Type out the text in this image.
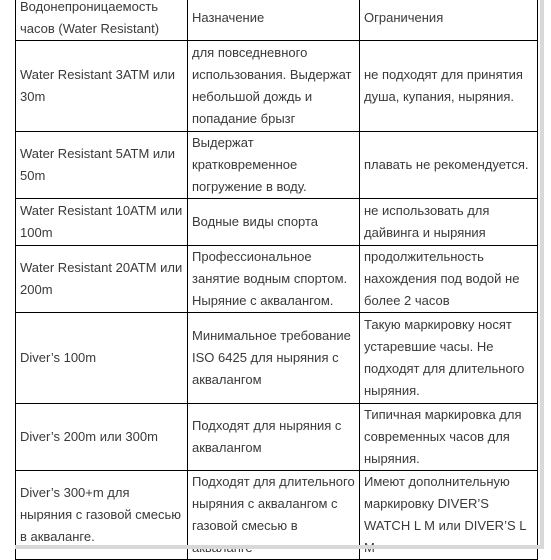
Водонепроницаемость часов (Water Resistant)	Назначение	Ограничения
Water Resistant 3ATM или 30m	для повседневного использования. Выдержат небольшой дождь и попадание брызг	не подходят для принятия душа, купания, ныряния.
Water Resistant 5ATM или 50m	Выдержат кратковременное погружение в воду.	плавать не рекомендуется.
Water Resistant 10ATM или 100m	Водные виды спорта	не использовать для дайвинга и ныряния
Water Resistant 20ATM или 200m	Профессиональное занятие водным спортом. Ныряние с аквалангом.	продолжительность нахождения под водой не более 2 часов
Diver’s 100m	Минимальное требование ISO 6425 для ныряния с аквалангом	Такую маркировку носят устаревшие часы. Не подходят для длительного ныряния.
Diver’s 200m или 300m	Подходят для ныряния с аквалангом	Типичная маркировка для современных часов для ныряния.
Diver’s 300+m для ныряния с газовой смесью в акваланге.	Подходят для длительного ныряния с аквалангом с газовой смесью в	Имеют дополнительную маркировку DIVER’S WATCH L M или DIVER’S L
